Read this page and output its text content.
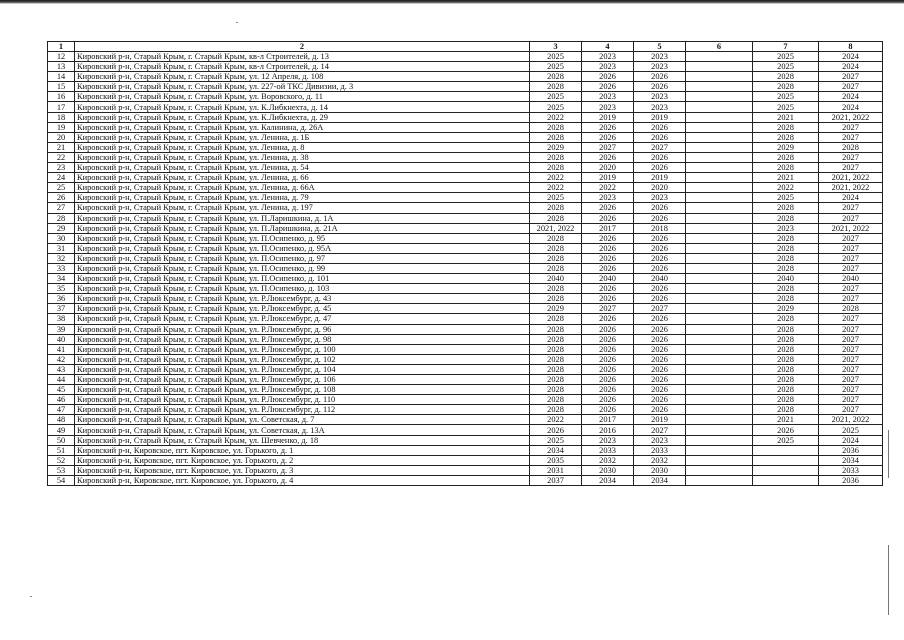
1	2	3	4	5	6	7	8
12	Кировский р-н, Старый Крым, г. Старый Крым, кв-л Строителей, д. 13	2025	2023	2023		2025	2024
13	Кировский р-н, Старый Крым, г. Старый Крым, кв-л Строителей, д. 14	2025	2023	2023		2025	2024
14	Кировский р-н, Старый Крым, г. Старый Крым, ул. 12 Апреля, д. 108	2028	2026	2026		2028	2027
15	Кировский р-н, Старый Крым, г. Старый Крым, ул. 227-ой ТКС Дивизии, д. 3	2028	2026	2026		2028	2027
16	Кировский р-н, Старый Крым, г. Старый Крым, ул. Воровского, д. 11	2025	2023	2023		2025	2024
17	Кировский р-н, Старый Крым, г. Старый Крым, ул. К.Либкнехта, д. 14	2025	2023	2023		2025	2024
18	Кировский р-н, Старый Крым, г. Старый Крым, ул. К.Либкнехта, д. 29	2022	2019	2019		2021	2021, 2022
19	Кировский р-н, Старый Крым, г. Старый Крым, ул. Калинина, д. 26А	2028	2026	2026		2028	2027
20	Кировский р-н, Старый Крым, г. Старый Крым, ул. Ленина, д. 1Б	2028	2026	2026		2028	2027
21	Кировский р-н, Старый Крым, г. Старый Крым, ул. Ленина, д. 8	2029	2027	2027		2029	2028
22	Кировский р-н, Старый Крым, г. Старый Крым, ул. Ленина, д. 38	2028	2026	2026		2028	2027
23	Кировский р-н, Старый Крым, г. Старый Крым, ул. Ленина, д. 54	2028	2020	2026		2028	2027
24	Кировский р-н, Старый Крым, г. Старый Крым, ул. Ленина, д. 66	2022	2019	2019		2021	2021, 2022
25	Кировский р-н, Старый Крым, г. Старый Крым, ул. Ленина, д. 66А	2022	2022	2020		2022	2021, 2022
26	Кировский р-н, Старый Крым, г. Старый Крым, ул. Ленина, д. 79	2025	2023	2023		2025	2024
27	Кировский р-н, Старый Крым, г. Старый Крым, ул. Ленина, д. 197	2028	2026	2026		2028	2027
28	Кировский р-н, Старый Крым, г. Старый Крым, ул. П.Ларишкина, д. 1А	2028	2026	2026		2028	2027
29	Кировский р-н, Старый Крым, г. Старый Крым, ул. П.Ларишкина, д. 21А	2021, 2022	2017	2018		2023	2021, 2022
30	Кировский р-н, Старый Крым, г. Старый Крым, ул. П.Осипенко, д. 95	2028	2026	2026		2028	2027
31	Кировский р-н, Старый Крым, г. Старый Крым, ул. П.Осипенко, д. 95А	2028	2026	2026		2028	2027
32	Кировский р-н, Старый Крым, г. Старый Крым, ул. П.Осипенко, д. 97	2028	2026	2026		2028	2027
33	Кировский р-н, Старый Крым, г. Старый Крым, ул. П.Осипенко, д. 99	2028	2026	2026		2028	2027
34	Кировский р-н, Старый Крым, г. Старый Крым, ул. П.Осипенко, д. 101	2040	2040	2040		2040	2040
35	Кировский р-н, Старый Крым, г. Старый Крым, ул. П.Осипенко, д. 103	2028	2026	2026		2028	2027
36	Кировский р-н, Старый Крым, г. Старый Крым, ул. Р.Люксембург, д. 43	2028	2026	2026		2028	2027
37	Кировский р-н, Старый Крым, г. Старый Крым, ул. Р.Люксембург, д. 45	2029	2027	2027		2029	2028
38	Кировский р-н, Старый Крым, г. Старый Крым, ул. Р.Люксембург, д. 47	2028	2026	2026		2028	2027
39	Кировский р-н, Старый Крым, г. Старый Крым, ул. Р.Люксембург, д. 96	2028	2026	2026		2028	2027
40	Кировский р-н, Старый Крым, г. Старый Крым, ул. Р.Люксембург, д. 98	2028	2026	2026		2028	2027
41	Кировский р-н, Старый Крым, г. Старый Крым, ул. Р.Люксембург, д. 100	2028	2026	2026		2028	2027
42	Кировский р-н, Старый Крым, г. Старый Крым, ул. Р.Люксембург, д. 102	2028	2026	2026		2028	2027
43	Кировский р-н, Старый Крым, г. Старый Крым, ул. Р.Люксембург, д. 104	2028	2026	2026		2028	2027
44	Кировский р-н, Старый Крым, г. Старый Крым, ул. Р.Люксембург, д. 106	2028	2026	2026		2028	2027
45	Кировский р-н, Старый Крым, г. Старый Крым, ул. Р.Люксембург, д. 108	2028	2026	2026		2028	2027
46	Кировский р-н, Старый Крым, г. Старый Крым, ул. Р.Люксембург, д. 110	2028	2026	2026		2028	2027
47	Кировский р-н, Старый Крым, г. Старый Крым, ул. Р.Люксембург, д. 112	2028	2026	2026		2028	2027
48	Кировский р-н, Старый Крым, г. Старый Крым, ул. Советская, д. 7	2022	2017	2019		2021	2021, 2022
49	Кировский р-н, Старый Крым, г. Старый Крым, ул. Советская, д. 13А	2026	2016	2027		2026	2025
50	Кировский р-н, Старый Крым, г. Старый Крым, ул. Шевченко, д. 18	2025	2023	2023		2025	2024
51	Кировский р-н, Кировское, пгт. Кировское, ул. Горького, д. 1	2034	2033	2033			2036
52	Кировский р-н, Кировское, пгт. Кировское, ул. Горького, д. 2	2035	2032	2032			2034
53	Кировский р-н, Кировское, пгт. Кировское, ул. Горького, д. 3	2031	2030	2030			2033
54	Кировский р-н, Кировское, пгт. Кировское, ул. Горького, д. 4	2037	2034	2034			2036
